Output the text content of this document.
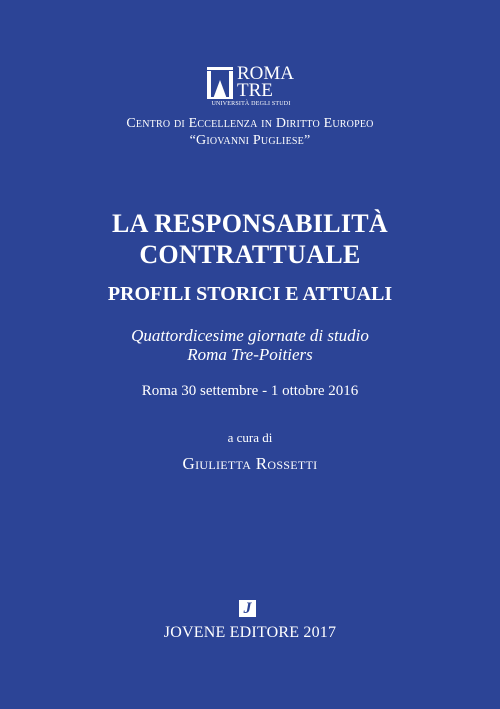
ROMA
TRE
UNIVERSITÀ DEGLI STUDI
Centro di Eccellenza in Diritto Europeo
“Giovanni Pugliese”
LA RESPONSABILITÀ
CONTRATTUALE
PROFILI STORICI E ATTUALI
Quattordicesime giornate di studio
Roma Tre-Poitiers
Roma 30 settembre - 1 ottobre 2016
a cura di
Giulietta Rossetti
J
JOVENE EDITORE 2017
